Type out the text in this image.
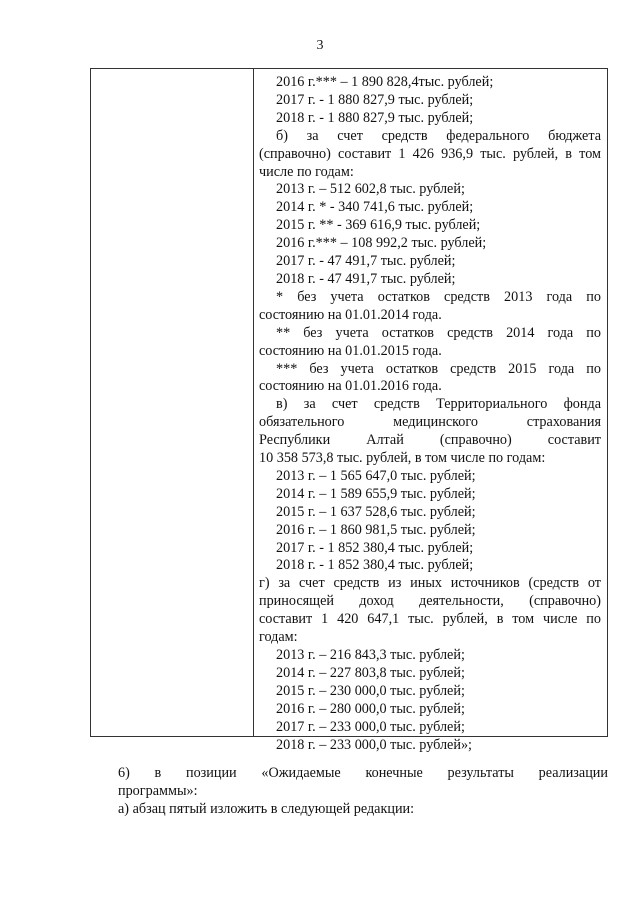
3
2016 г.*** – 1 890 828,4тыс. рублей;
2017 г. - 1 880 827,9 тыс. рублей;
2018 г. - 1 880 827,9 тыс. рублей;
б) за счет средств федерального бюджета
(справочно) составит 1 426 936,9 тыс. рублей, в том
числе по годам:
2013 г. – 512 602,8 тыс. рублей;
2014 г. * - 340 741,6 тыс. рублей;
2015 г. ** - 369 616,9 тыс. рублей;
2016 г.*** – 108 992,2 тыс. рублей;
2017 г. - 47 491,7 тыс. рублей;
2018 г. - 47 491,7 тыс. рублей;
* без учета остатков средств 2013 года по
состоянию на 01.01.2014 года.
** без учета остатков средств 2014 года по
состоянию на 01.01.2015 года.
*** без учета остатков средств 2015 года по
состоянию на 01.01.2016 года.
в) за счет средств Территориального фонда
обязательного медицинского страхования
Республики Алтай (справочно) составит
10 358 573,8 тыс. рублей, в том числе по годам:
2013 г. – 1 565 647,0 тыс. рублей;
2014 г. – 1 589 655,9 тыс. рублей;
2015 г. – 1 637 528,6 тыс. рублей;
2016 г. – 1 860 981,5 тыс. рублей;
2017 г. - 1 852 380,4 тыс. рублей;
2018 г. - 1 852 380,4 тыс. рублей;
г) за счет средств из иных источников (средств от
приносящей доход деятельности, (справочно)
составит 1 420 647,1 тыс. рублей, в том числе по
годам:
2013 г. – 216 843,3 тыс. рублей;
2014 г. – 227 803,8 тыс. рублей;
2015 г. – 230 000,0 тыс. рублей;
2016 г. – 280 000,0 тыс. рублей;
2017 г. – 233 000,0 тыс. рублей;
2018 г. – 233 000,0 тыс. рублей»;
6) в позиции «Ожидаемые конечные результаты реализации
программы»:
а) абзац пятый изложить в следующей редакции:
